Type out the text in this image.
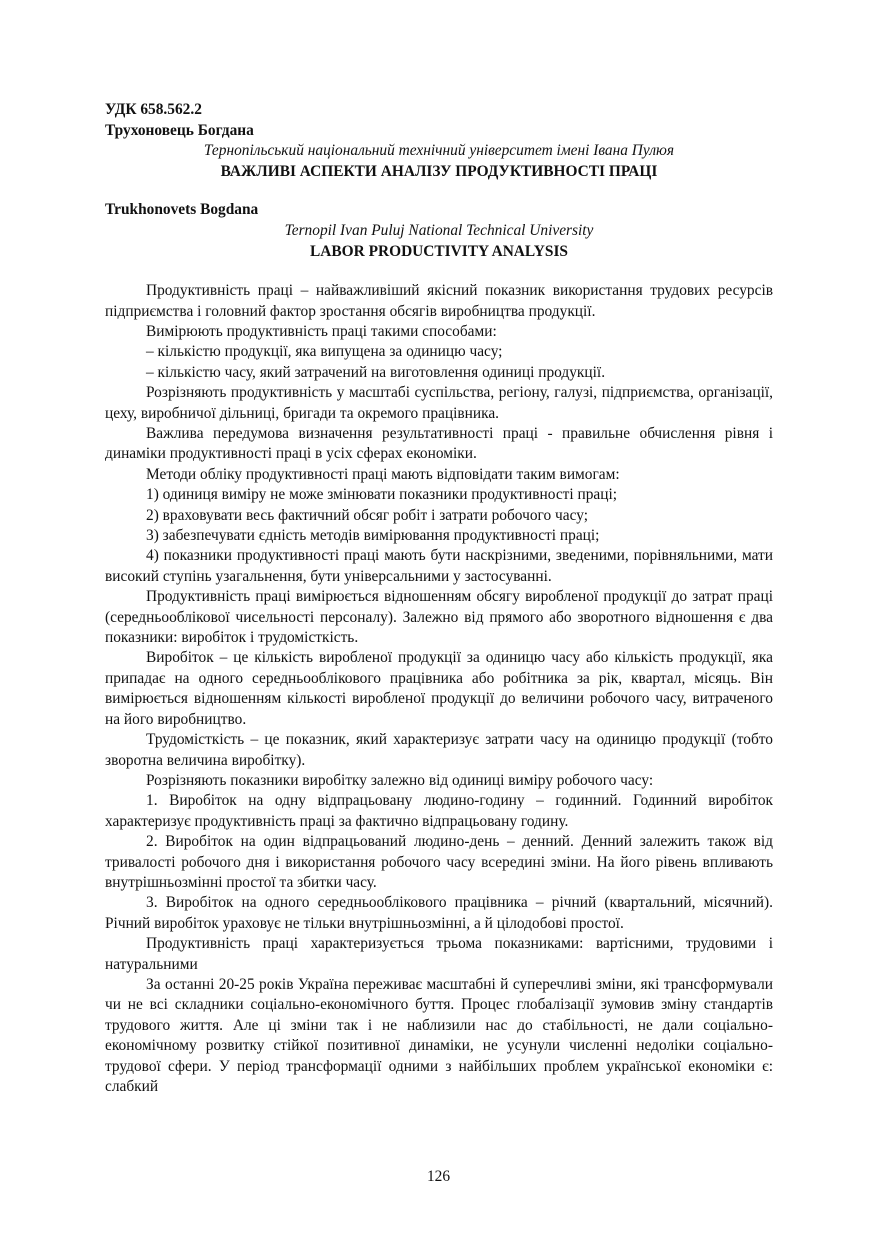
УДК 658.562.2
Трухоновець Богдана
Тернопільський національний технічний університет імені Івана Пулюя
ВАЖЛИВІ АСПЕКТИ АНАЛІЗУ ПРОДУКТИВНОСТІ ПРАЦІ
Trukhonovets Bogdana
Ternopil Ivan Puluj National Technical University
LABOR PRODUCTIVITY ANALYSIS

Продуктивність праці – найважливіший якісний показник використання трудових ресурсів підприємства і головний фактор зростання обсягів виробництва продукції.

Вимірюють продуктивність праці такими способами:

– кількістю продукції, яка випущена за одиницю часу;

– кількістю часу, який затрачений на виготовлення одиниці продукції.

Розрізняють продуктивність у масштабі суспільства, регіону, галузі, підприємства, організації, цеху, виробничої дільниці, бригади та окремого працівника.

Важлива передумова визначення результативності праці - правильне обчислення рівня і динаміки продуктивності праці в усіх сферах економіки.

Методи обліку продуктивності праці мають відповідати таким вимогам:

1) одиниця виміру не може змінювати показники продуктивності праці;

2) враховувати весь фактичний обсяг робіт і затрати робочого часу;

3) забезпечувати єдність методів вимірювання продуктивності праці;

4) показники продуктивності праці мають бути наскрізними, зведеними, порівняльними, мати високий ступінь узагальнення, бути універсальними у застосуванні.

Продуктивність праці вимірюється відношенням обсягу виробленої продукції до затрат праці (середньооблікової чисельності персоналу). Залежно від прямого або зворотного відношення є два показники: виробіток і трудомісткість.

Виробіток – це кількість виробленої продукції за одиницю часу або кількість продукції, яка припадає на одного середньооблікового працівника або робітника за рік, квартал, місяць. Він вимірюється відношенням кількості виробленої продукції до величини робочого часу, витраченого на його виробництво.

Трудомісткість – це показник, який характеризує затрати часу на одиницю продукції (тобто зворотна величина виробітку).

Розрізняють показники виробітку залежно від одиниці виміру робочого часу:

1. Виробіток на одну відпрацьовану людино-годину – годинний. Годинний виробіток характеризує продуктивність праці за фактично відпрацьовану годину.

2. Виробіток на один відпрацьований людино-день – денний. Денний залежить також від тривалості робочого дня і використання робочого часу всередині зміни. На його рівень впливають внутрішньозмінні простої та збитки часу.

3. Виробіток на одного середньооблікового працівника – річний (квартальний, місячний). Річний виробіток ураховує не тільки внутрішньозмінні, а й цілодобові простої.

Продуктивність праці характеризується трьома показниками: вартісними, трудовими і натуральними

За останні 20-25 років Україна переживає масштабні й суперечливі зміни, які трансформували чи не всі складники соціально-економічного буття. Процес глобалізації зумовив зміну стандартів трудового життя. Але ці зміни так і не наблизили нас до стабільності, не дали соціально-економічному розвитку стійкої позитивної динаміки, не усунули численні недоліки соціально-трудової сфери. У період трансформації одними з найбільших проблем української економіки є: слабкий

126
